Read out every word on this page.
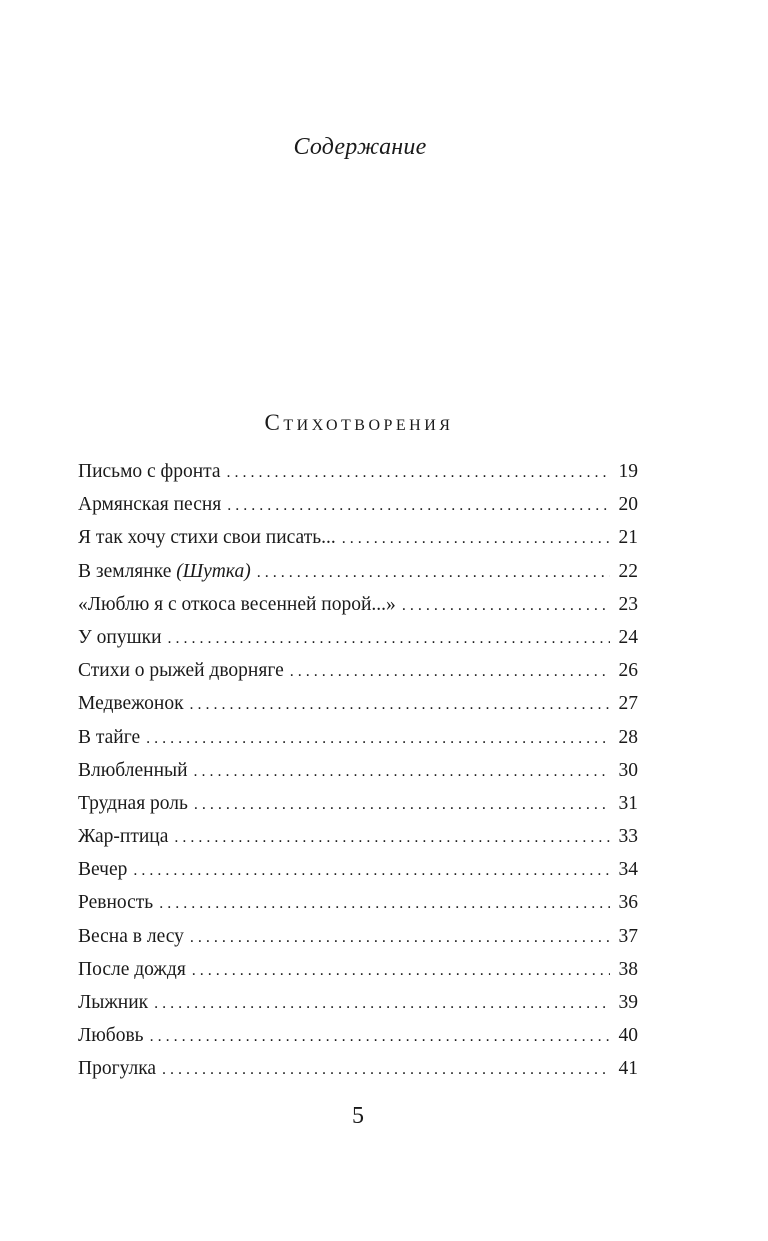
Содержание
Стихотворения
Письмо с фронта . . .	19
Армянская песня . . .	20
Я так хочу стихи свои писать... . . .	21
В землянке (Шутка) . . .	22
«Люблю я с откоса весенней порой...» . . .	23
У опушки . . .	24
Стихи о рыжей дворняге . . .	26
Медвежонок . . .	27
В тайге . . .	28
Влюбленный . . .	30
Трудная роль . . .	31
Жар-птица . . .	33
Вечер . . .	34
Ревность . . .	36
Весна в лесу . . .	37
После дождя . . .	38
Лыжник . . .	39
Любовь . . .	40
Прогулка . . .	41
5
